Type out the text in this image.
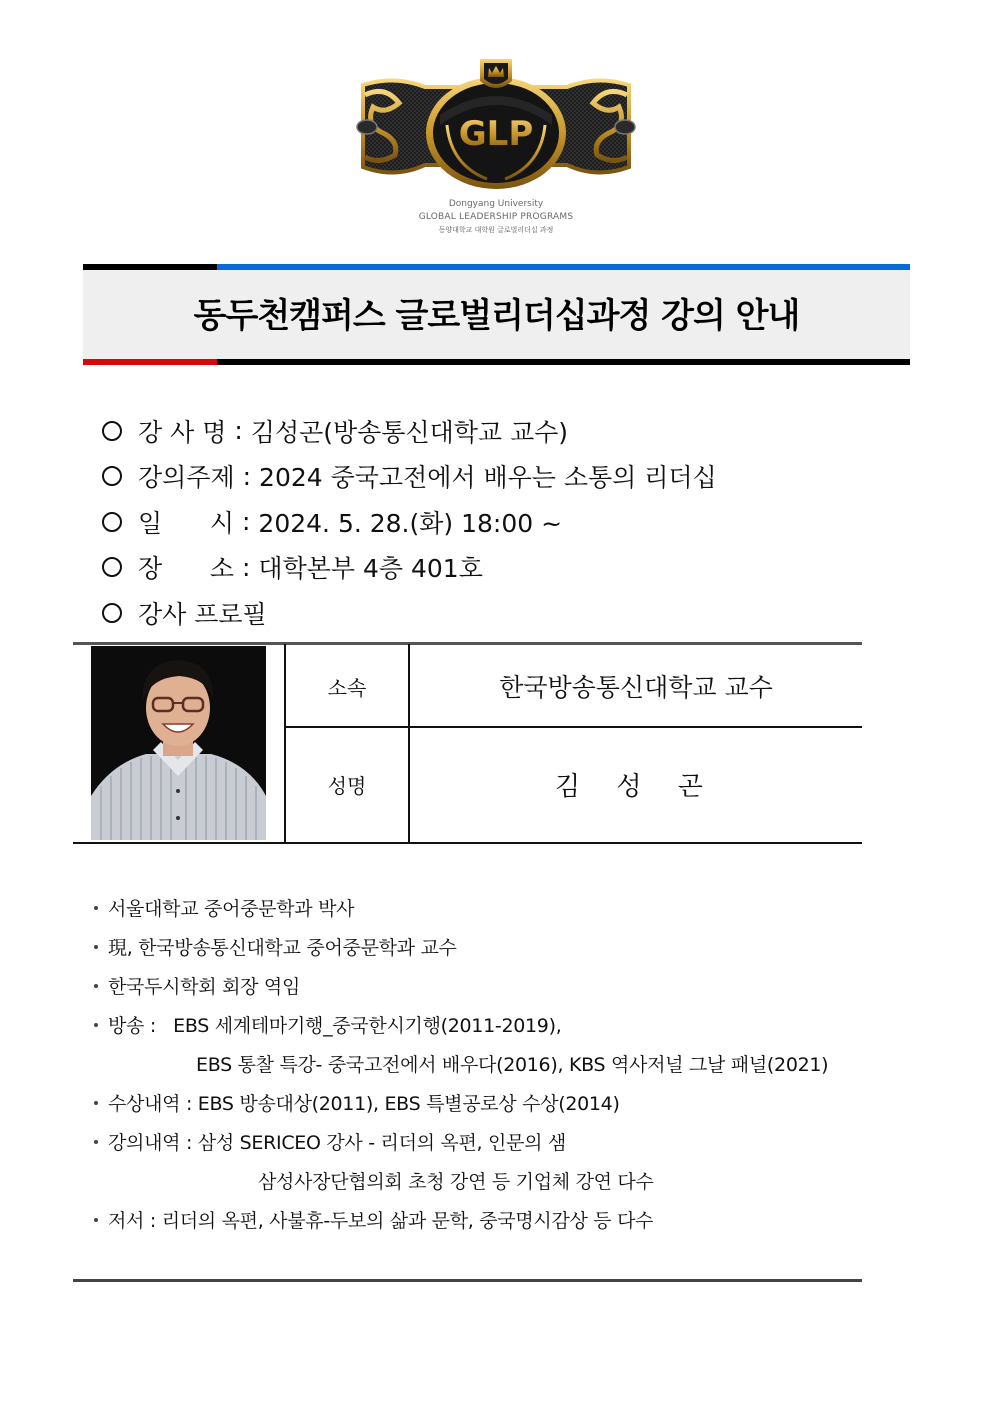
GLP
Dongyang University
GLOBAL LEADERSHIP PROGRAMS
동양대학교 대학원 글로벌리더십 과정
동두천캠퍼스 글로벌리더십과정 강의 안내
강 사 명 : 김성곤(방송통신대학교 교수)
강의주제 : 2024 중국고전에서 배우는 소통의 리더십
일      시 : 2024. 5. 28.(화) 18:00 ~
장      소 : 대학본부 4층 401호
강사 프로필
소속	한국방송통신대학교 교수
성명	김 성 곤
서울대학교 중어중문학과 박사
現, 한국방송통신대학교 중어중문학과 교수
한국두시학회 회장 역임
방송 :   EBS 세계테마기행_중국한시기행(2011-2019),
EBS 통찰 특강- 중국고전에서 배우다(2016), KBS 역사저널 그날 패널(2021)
수상내역 : EBS 방송대상(2011), EBS 특별공로상 수상(2014)
강의내역 : 삼성 SERICEO 강사 - 리더의 옥편, 인문의 샘
삼성사장단협의회 초청 강연 등 기업체 강연 다수
저서 : 리더의 옥편, 사불휴-두보의 삶과 문학, 중국명시감상 등 다수
